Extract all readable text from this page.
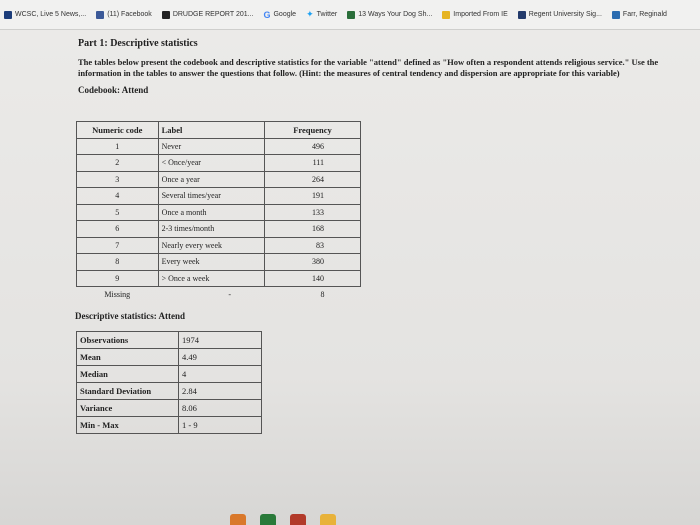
WCSC, Live 5 News,...	(11) Facebook	DRUDGE REPORT 201... G Google ✦ Twitter	13 Ways Your Dog Sh...	Imported From IE	Regent University Sig...	Farr, Reginald
Part 1: Descriptive statistics
The tables below present the codebook and descriptive statistics for the variable "attend" defined as "How often a respondent attends religious service." Use the information in the tables to answer the questions that follow. (Hint: the measures of central tendency and dispersion are appropriate for this variable)
Codebook: Attend
Numeric code	Label	Frequency
1	Never	496
2	< Once/year	111
3	Once a year	264
4	Several times/year	191
5	Once a month	133
6	2-3 times/month	168
7	Nearly every week	83
8	Every week	380
9	> Once a week	140
Missing	-	8
Descriptive statistics: Attend
Observations	1974
Mean	4.49
Median	4
Standard Deviation	2.84
Variance	8.06
Min - Max	1 - 9
